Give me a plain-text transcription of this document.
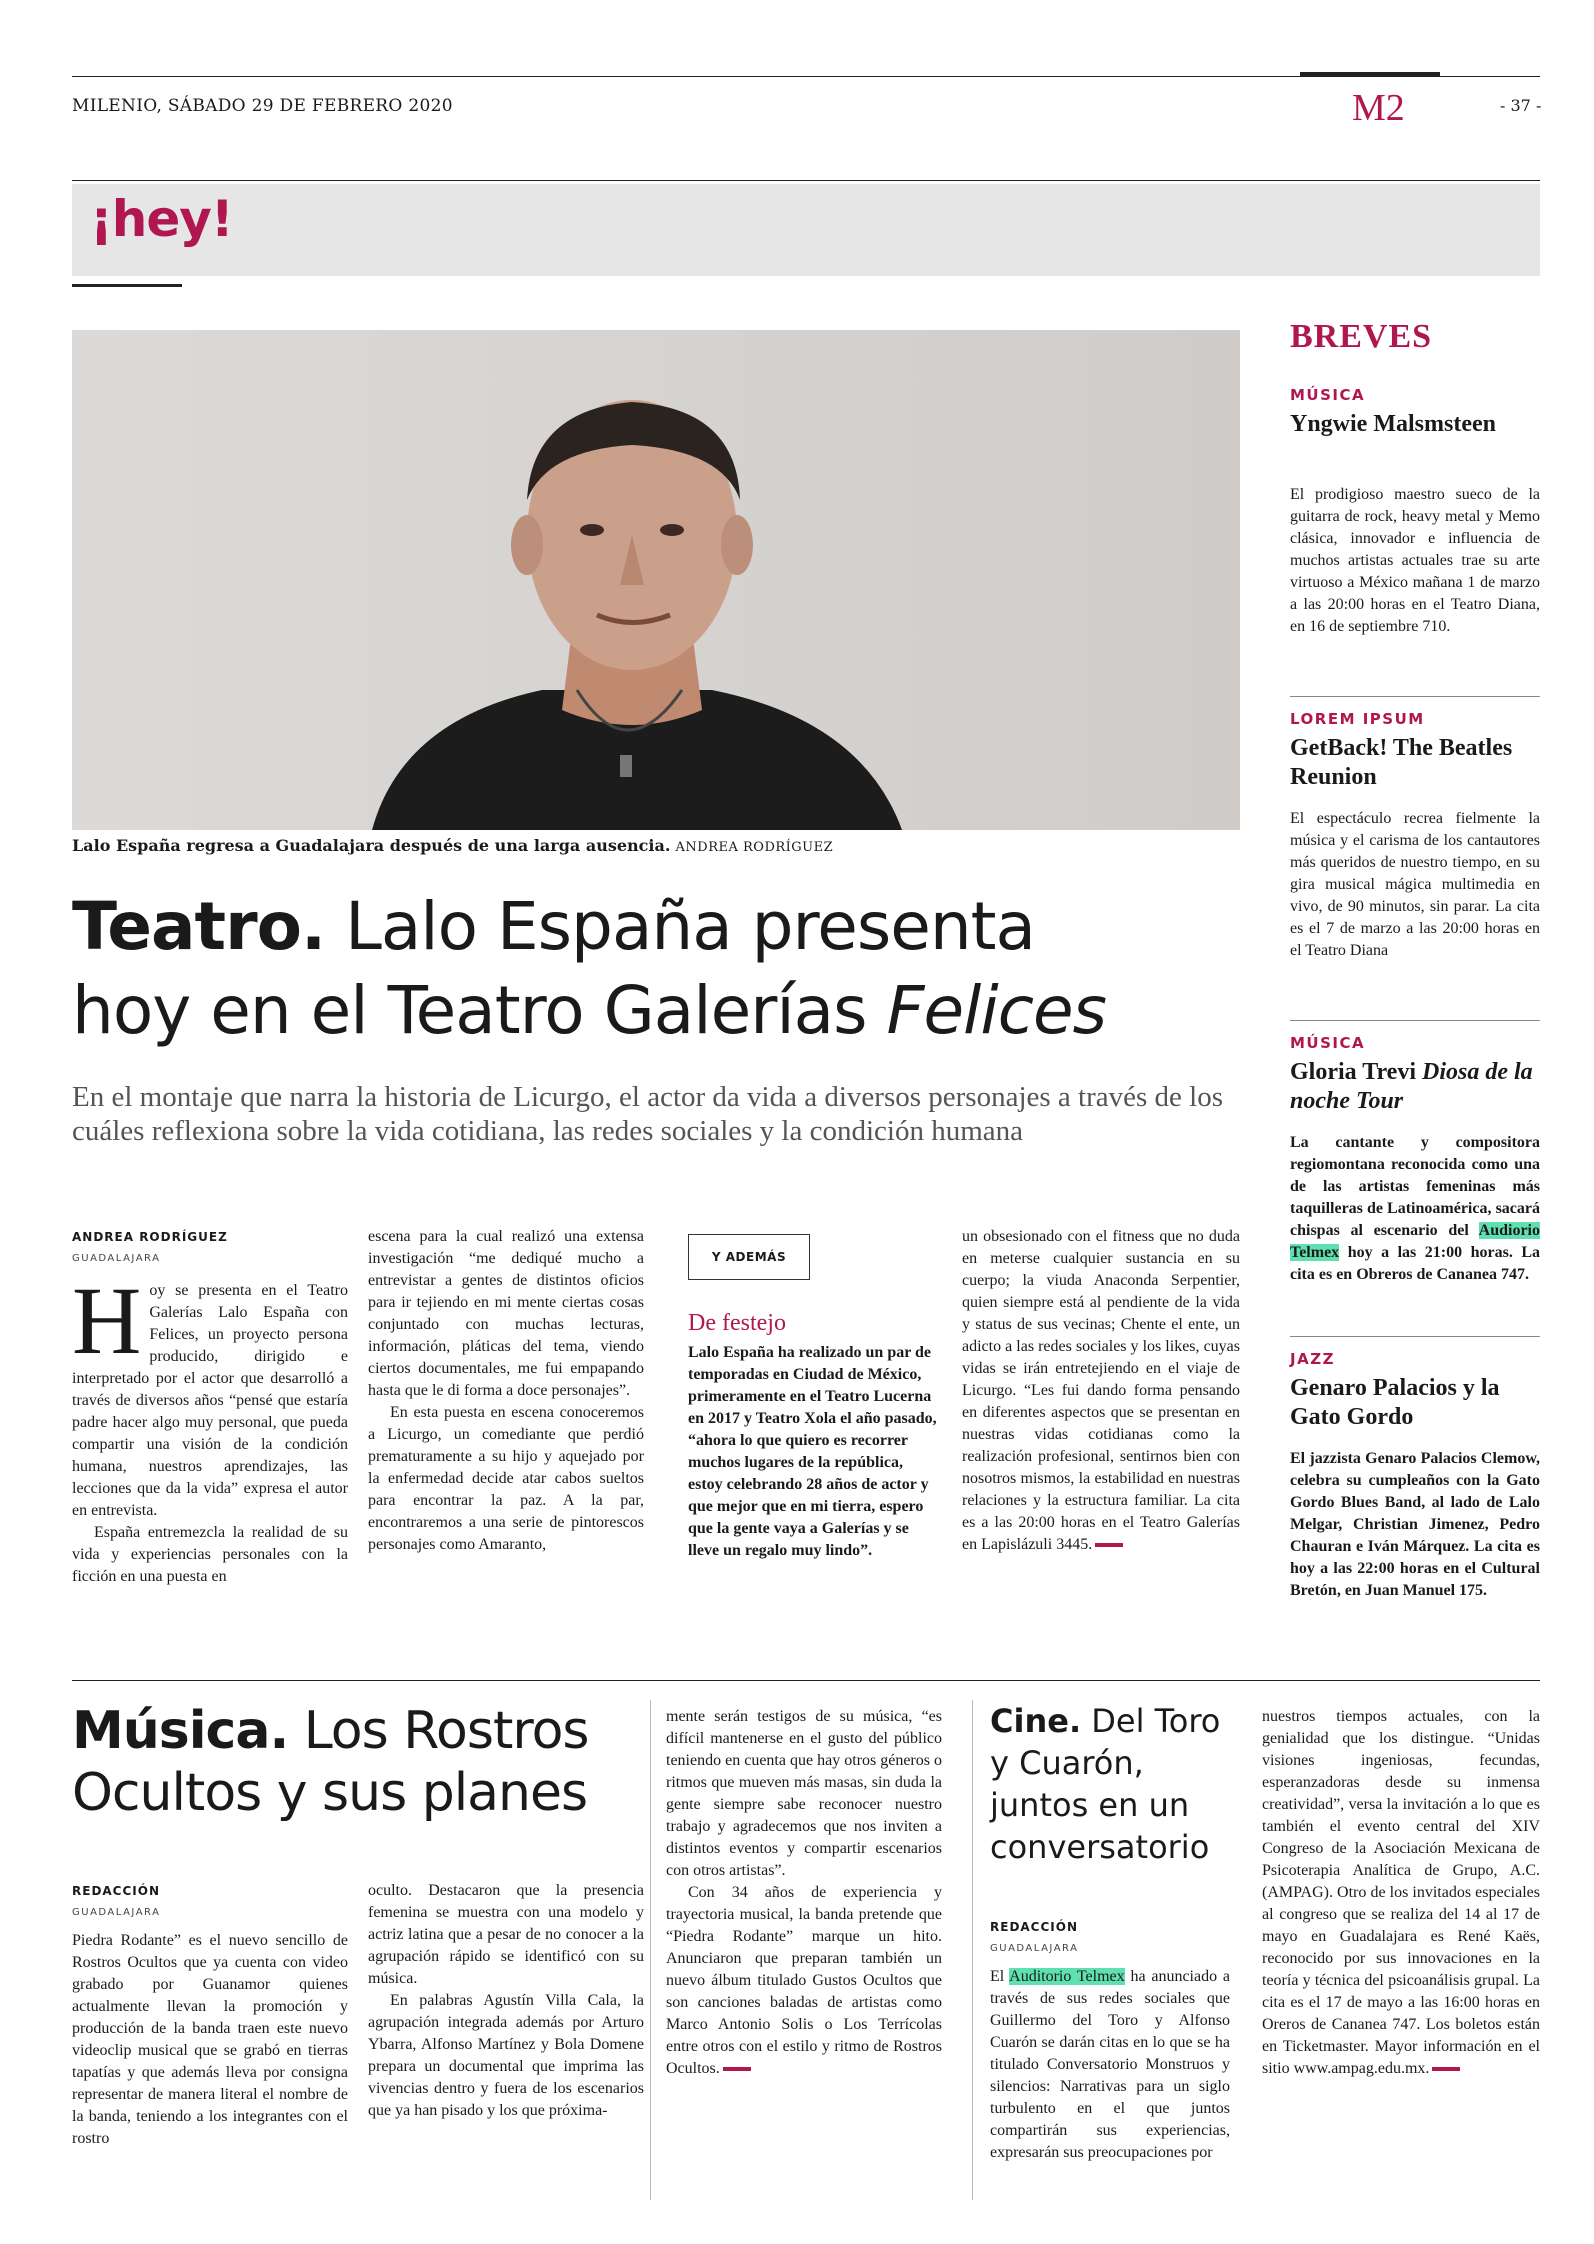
MILENIO, SÁBADO 29 DE FEBRERO 2020	M2	- 37 -
¡hey!
Lalo España regresa a Guadalajara después de una larga ausencia. ANDREA RODRÍGUEZ
Teatro. Lalo España presenta
hoy en el Teatro Galerías Felices
En el montaje que narra la historia de Licurgo, el actor da vida a diversos personajes a través de los cuáles reflexiona sobre la vida cotidiana, las redes sociales y la condición humana
ANDREA RODRÍGUEZ
GUADALAJARA
H oy se presenta en el Teatro Galerías Lalo España con Felices, un proyecto persona producido, dirigido e interpretado por el actor que desarrolló a través de diversos años “pensé que estaría padre hacer algo muy personal, que pueda compartir una visión de la condición humana, nuestros aprendizajes, las lecciones que da la vida” expresa el autor en entrevista.

España entremezcla la realidad de su vida y experiencias personales con la ficción en una puesta en

escena para la cual realizó una extensa investigación “me dediqué mucho a entrevistar a gentes de distintos oficios para ir tejiendo en mi mente ciertas cosas conjuntado con muchas lecturas, información, pláticas del tema, viendo ciertos documentales, me fui empapando hasta que le di forma a doce personajes”.

En esta puesta en escena conoceremos a Licurgo, un comediante que perdió prematuramente a su hijo y aquejado por la enfermedad decide atar cabos sueltos para encontrar la paz. A la par, encontraremos a una serie de pintorescos personajes como Amaranto,

Y ADEMÁS
De festejo
Lalo España ha realizado un par de temporadas en Ciudad de México, primeramente en el Teatro Lucerna en 2017 y Teatro Xola el año pasado, “ahora lo que quiero es recorrer muchos lugares de la república, estoy celebrando 28 años de actor y que mejor que en mi tierra, espero que la gente vaya a Galerías y se lleve un regalo muy lindo”.

un obsesionado con el fitness que no duda en meterse cualquier sustancia en su cuerpo; la viuda Anaconda Serpentier, quien siempre está al pendiente de la vida y status de sus vecinas; Chente el ente, un adicto a las redes sociales y los likes, cuyas vidas se irán entretejiendo en el viaje de Licurgo. “Les fui dando forma pensando en diferentes aspectos que se presentan en nuestras vidas cotidianas como la realización profesional, sentirnos bien con nosotros mismos, la estabilidad en nuestras relaciones y la estructura familiar. La cita es a las 20:00 horas en el Teatro Galerías en Lapislázuli 3445.

BREVES
MÚSICA
Yngwie Malsmsteen
El prodigioso maestro sueco de la guitarra de rock, heavy metal y Memo clásica, innovador e influencia de muchos artistas actuales trae su arte virtuoso a México mañana 1 de marzo a las 20:00 horas en el Teatro Diana, en 16 de septiembre 710.
LOREM IPSUM
GetBack! The Beatles Reunion
El espectáculo recrea fielmente la música y el carisma de los cantautores más queridos de nuestro tiempo, en su gira musical mágica multimedia en vivo, de 90 minutos, sin parar. La cita es el 7 de marzo a las 20:00 horas en el Teatro Diana
MÚSICA
Gloria Trevi Diosa de la noche Tour
La cantante y compositora regiomontana reconocida como una de las artistas femeninas más taquilleras de Latinoamérica, sacará chispas al escenario del Audiorio Telmex hoy a las 21:00 horas. La cita es en Obreros de Cananea 747.
JAZZ
Genaro Palacios y la Gato Gordo
El jazzista Genaro Palacios Clemow, celebra su cumpleaños con la Gato Gordo Blues Band, al lado de Lalo Melgar, Christian Jimenez, Pedro Chauran e Iván Márquez. La cita es hoy a las 22:00 horas en el Cultural Bretón, en Juan Manuel 175.
Música. Los Rostros Ocultos y sus planes
REDACCIÓN
GUADALAJARA

Piedra Rodante” es el nuevo sencillo de Rostros Ocultos que ya cuenta con video grabado por Guanamor quienes actualmente llevan la promoción y producción de la banda traen este nuevo videoclip musical que se grabó en tierras tapatías y que además lleva por consigna representar de manera literal el nombre de la banda, teniendo a los integrantes con el rostro

oculto. Destacaron que la presencia femenina se muestra con una modelo y actriz latina que a pesar de no conocer a la agrupación rápido se identificó con su música.

En palabras Agustín Villa Cala, la agrupación integrada además por Arturo Ybarra, Alfonso Martínez y Bola Domene prepara un documental que imprima las vivencias dentro y fuera de los escenarios que ya han pisado y los que próxima-

mente serán testigos de su música, “es difícil mantenerse en el gusto del público teniendo en cuenta que hay otros géneros o ritmos que mueven más masas, sin duda la gente siempre sabe reconocer nuestro trabajo y agradecemos que nos inviten a distintos eventos y compartir escenarios con otros artistas”.

Con 34 años de experiencia y trayectoria musical, la banda pretende que “Piedra Rodante” marque un hito. Anunciaron que preparan también un nuevo álbum titulado Gustos Ocultos que son canciones baladas de artistas como Marco Antonio Solis o Los Terrícolas entre otros con el estilo y ritmo de Rostros Ocultos.

Cine. Del Toro y Cuarón, juntos en un conversatorio
REDACCIÓN
GUADALAJARA

El Auditorio Telmex ha anunciado a través de sus redes sociales que Guillermo del Toro y Alfonso Cuarón se darán citas en lo que se ha titulado Conversatorio Monstruos y silencios: Narrativas para un siglo turbulento en el que juntos compartirán sus experiencias, expresarán sus preocupaciones por

nuestros tiempos actuales, con la genialidad que los distingue. “Unidas visiones ingeniosas, fecundas, esperanzadoras desde su inmensa creatividad”, versa la invitación a lo que es también el evento central del XIV Congreso de la Asociación Mexicana de Psicoterapia Analítica de Grupo, A.C. (AMPAG). Otro de los invitados especiales al congreso que se realiza del 14 al 17 de mayo en Guadalajara es René Kaës, reconocido por sus innovaciones en la teoría y técnica del psicoanálisis grupal. La cita es el 17 de mayo a las 16:00 horas en Oreros de Cananea 747. Los boletos están en Ticketmaster. Mayor información en el sitio www.ampag.edu.mx.
